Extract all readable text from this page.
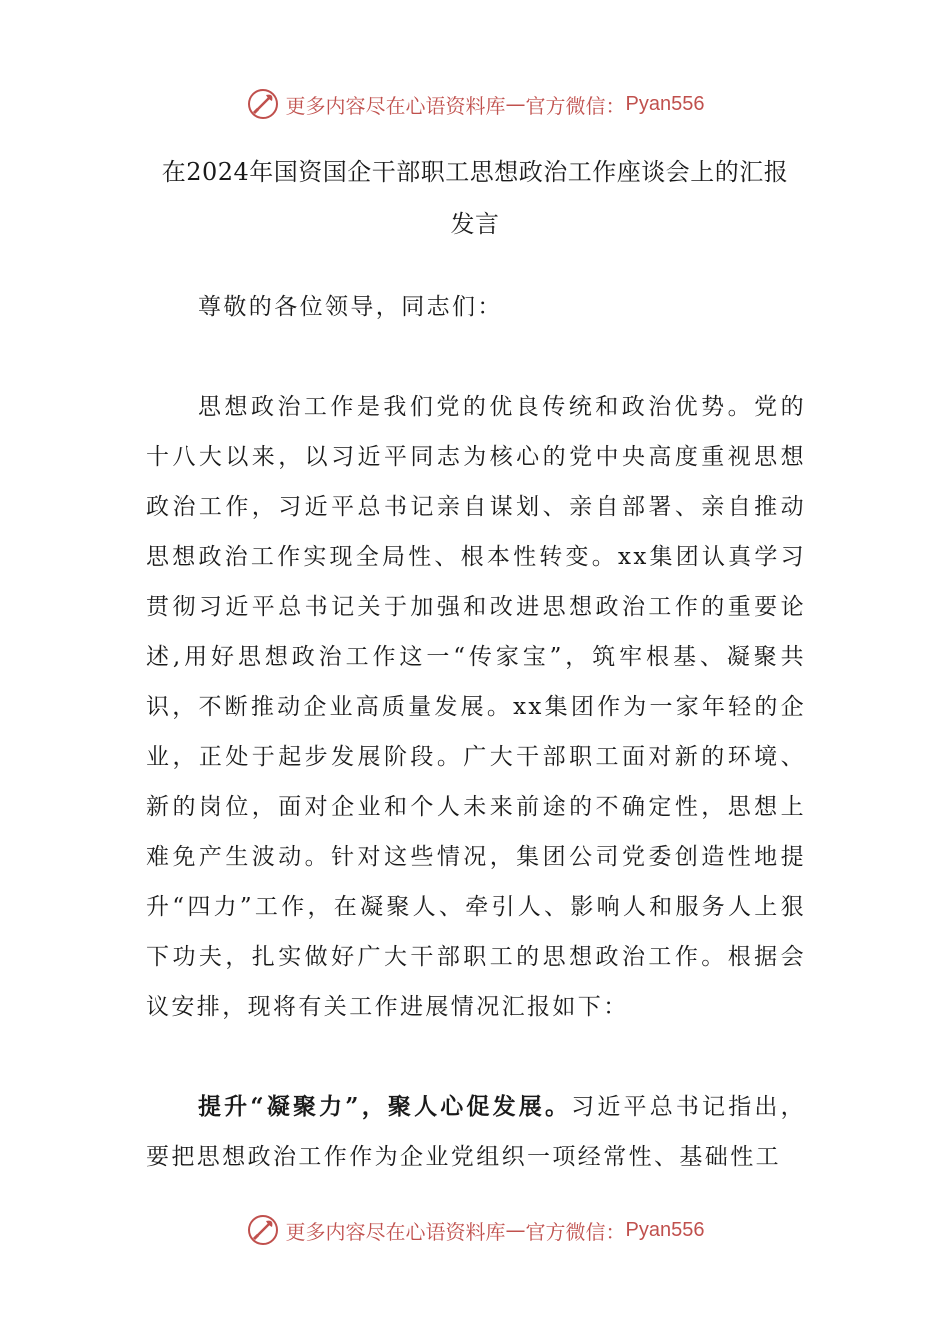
更多内容尽在心语资料库 — 官方微信： Pyan556
在2024年国资国企干部职工思想政治工作座谈会上的汇报
发言

尊敬的各位领导，同志们：

思想政治工作是我们党的优良传统和政治优势。党的十八大以来，以习近平同志为核心的党中央高度重视思想政治工作，习近平总书记亲自谋划、亲自部署、亲自推动思想政治工作实现全局性、根本性转变。xx集团认真学习贯彻习近平总书记关于加强和改进思想政治工作的重要论述,用好思想政治工作这一“传家宝”，筑牢根基、凝聚共识，不断推动企业高质量发展。xx集团作为一家年轻的企业，正处于起步发展阶段。广大干部职工面对新的环境、新的岗位，面对企业和个人未来前途的不确定性，思想上难免产生波动。针对这些情况，集团公司党委创造性地提升“四力”工作，在凝聚人、牵引人、影响人和服务人上狠下功夫，扎实做好广大干部职工的思想政治工作。根据会议安排，现将有关工作进展情况汇报如下：

提升“凝聚力”，聚人心促发展。习近平总书记指出，要把思想政治工作作为企业党组织一项经常性、基础性工

更多内容尽在心语资料库 — 官方微信： Pyan556
